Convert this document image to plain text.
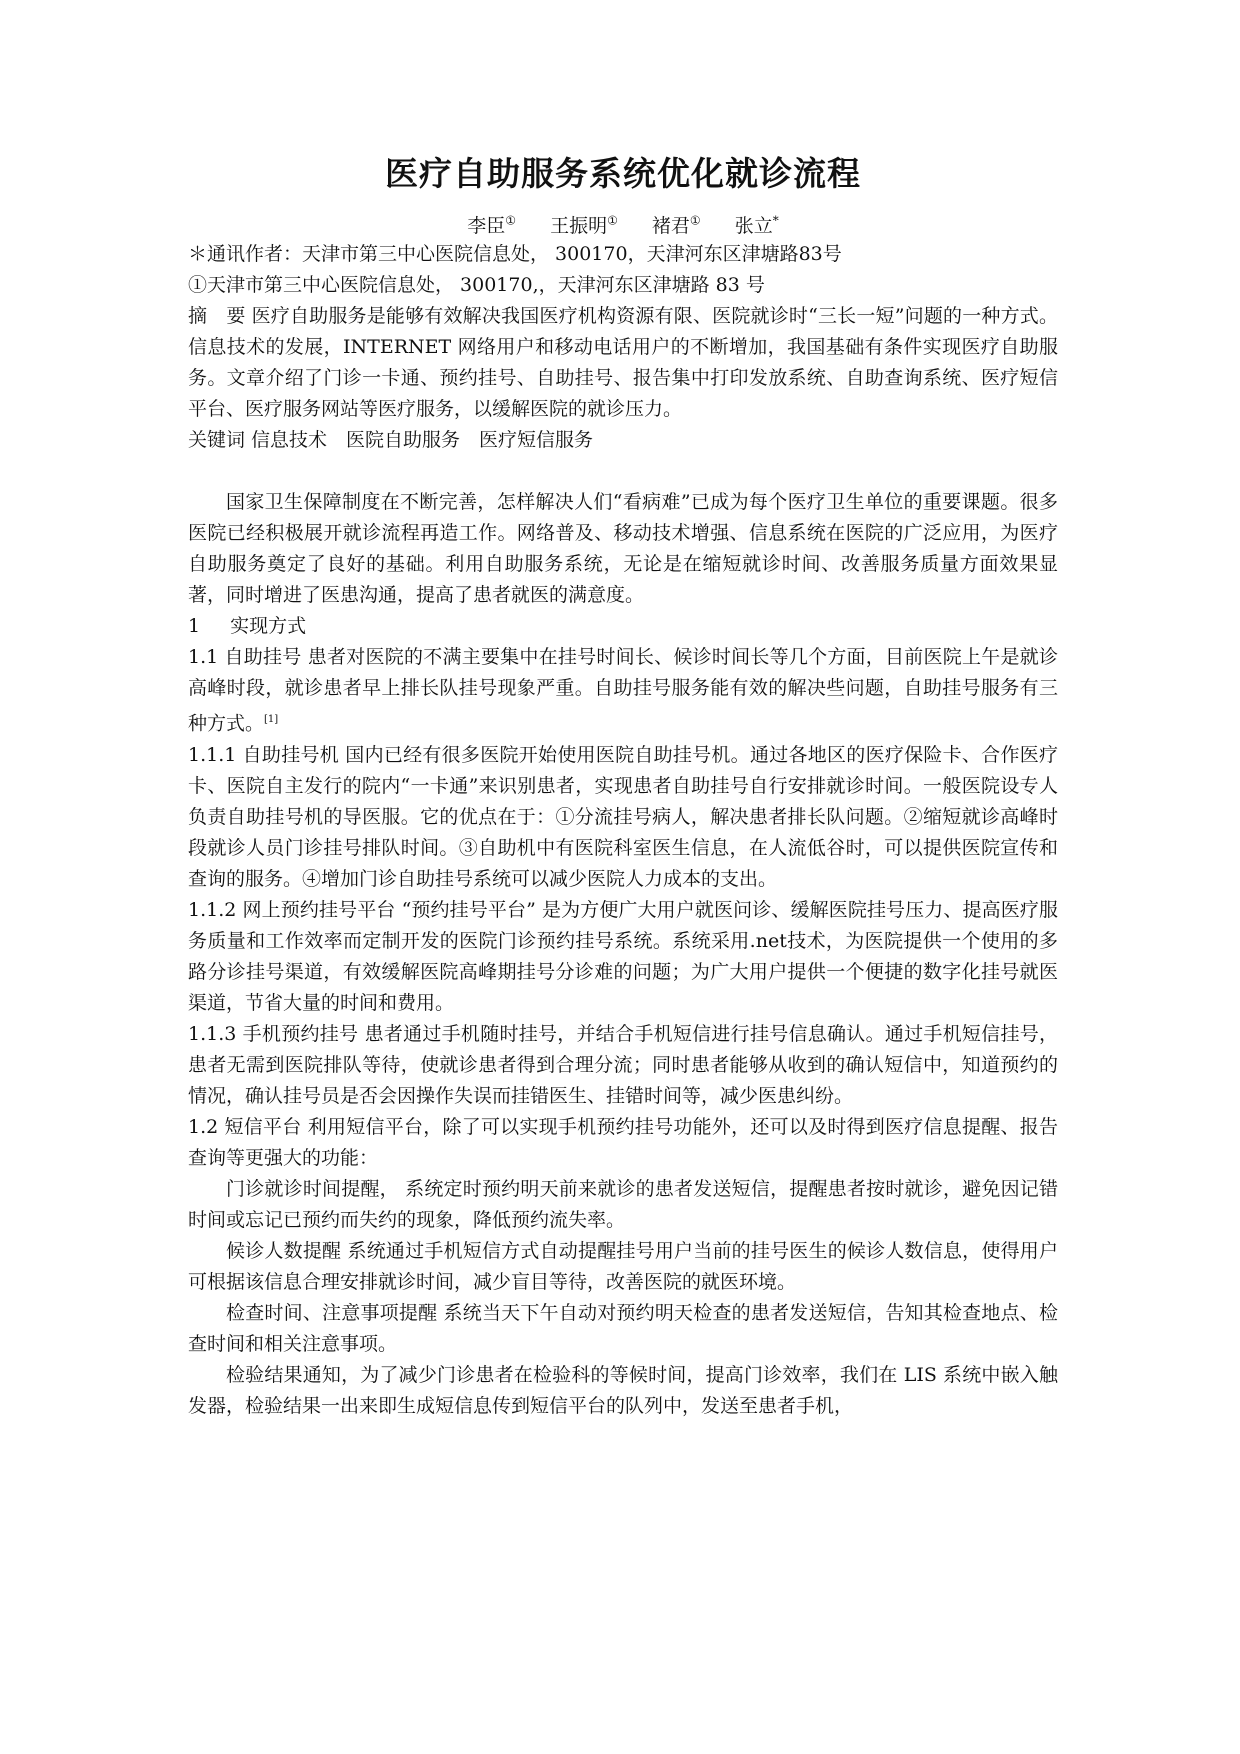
医疗自助服务系统优化就诊流程
李臣① 王振明① 褚君① 张立*

＊通讯作者：天津市第三中心医院信息处， 300170，天津河东区津塘路83号

①天津市第三中心医院信息处， 300170,，天津河东区津塘路 83 号

摘　要 医疗自助服务是能够有效解决我国医疗机构资源有限、医院就诊时“三长一短”问题的一种方式。信息技术的发展，INTERNET 网络用户和移动电话用户的不断增加，我国基础有条件实现医疗自助服务。文章介绍了门诊一卡通、预约挂号、自助挂号、报告集中打印发放系统、自助查询系统、医疗短信平台、医疗服务网站等医疗服务，以缓解医院的就诊压力。

关键词 信息技术　医院自助服务　医疗短信服务

国家卫生保障制度在不断完善，怎样解决人们“看病难”已成为每个医疗卫生单位的重要课题。很多医院已经积极展开就诊流程再造工作。网络普及、移动技术增强、信息系统在医院的广泛应用，为医疗自助服务奠定了良好的基础。利用自助服务系统，无论是在缩短就诊时间、改善服务质量方面效果显著，同时增进了医患沟通，提高了患者就医的满意度。

1 实现方式

1.1 自助挂号 患者对医院的不满主要集中在挂号时间长、候诊时间长等几个方面，目前医院上午是就诊高峰时段，就诊患者早上排长队挂号现象严重。自助挂号服务能有效的解决些问题，自助挂号服务有三种方式。[1]

1.1.1 自助挂号机 国内已经有很多医院开始使用医院自助挂号机。通过各地区的医疗保险卡、合作医疗卡、医院自主发行的院内“一卡通”来识别患者，实现患者自助挂号自行安排就诊时间。一般医院设专人负责自助挂号机的导医服。它的优点在于：①分流挂号病人，解决患者排长队问题。②缩短就诊高峰时段就诊人员门诊挂号排队时间。③自助机中有医院科室医生信息，在人流低谷时，可以提供医院宣传和查询的服务。④增加门诊自助挂号系统可以减少医院人力成本的支出。

1.1.2 网上预约挂号平台 “预约挂号平台” 是为方便广大用户就医问诊、缓解医院挂号压力、提高医疗服务质量和工作效率而定制开发的医院门诊预约挂号系统。系统采用.net技术，为医院提供一个使用的多路分诊挂号渠道，有效缓解医院高峰期挂号分诊难的问题；为广大用户提供一个便捷的数字化挂号就医渠道，节省大量的时间和费用。

1.1.3 手机预约挂号 患者通过手机随时挂号，并结合手机短信进行挂号信息确认。通过手机短信挂号，患者无需到医院排队等待，使就诊患者得到合理分流；同时患者能够从收到的确认短信中，知道预约的情况，确认挂号员是否会因操作失误而挂错医生、挂错时间等，减少医患纠纷。

1.2 短信平台 利用短信平台，除了可以实现手机预约挂号功能外，还可以及时得到医疗信息提醒、报告查询等更强大的功能：

门诊就诊时间提醒， 系统定时预约明天前来就诊的患者发送短信，提醒患者按时就诊，避免因记错时间或忘记已预约而失约的现象，降低预约流失率。

候诊人数提醒 系统通过手机短信方式自动提醒挂号用户当前的挂号医生的候诊人数信息，使得用户可根据该信息合理安排就诊时间，减少盲目等待，改善医院的就医环境。

检查时间、注意事项提醒 系统当天下午自动对预约明天检查的患者发送短信，告知其检查地点、检查时间和相关注意事项。

检验结果通知，为了减少门诊患者在检验科的等候时间，提高门诊效率，我们在 LIS 系统中嵌入触发器，检验结果一出来即生成短信息传到短信平台的队列中，发送至患者手机，
